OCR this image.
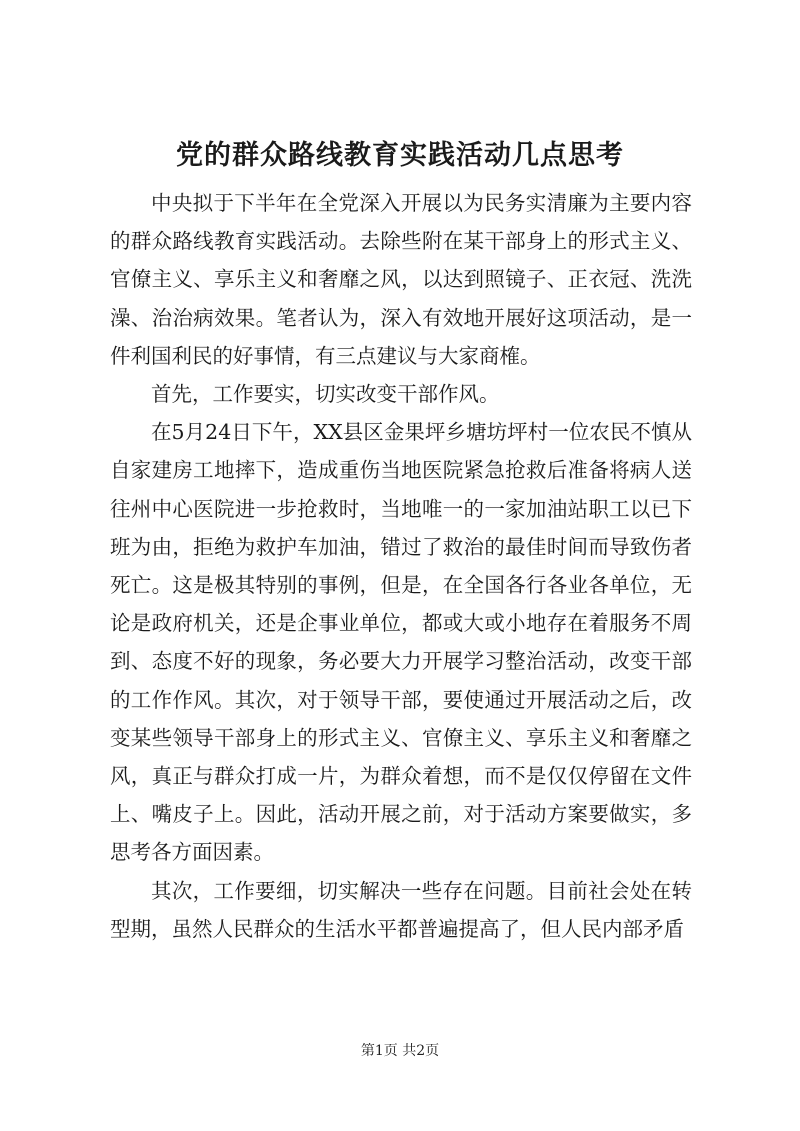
党的群众路线教育实践活动几点思考

中央拟于下半年在全党深入开展以为民务实清廉为主要内容的群众路线教育实践活动。去除些附在某干部身上的形式主义、官僚主义、享乐主义和奢靡之风，以达到照镜子、正衣冠、洗洗澡、治治病效果。笔者认为，深入有效地开展好这项活动，是一件利国利民的好事情，有三点建议与大家商榷。

首先，工作要实，切实改变干部作风。

在5月24日下午，XX县区金果坪乡塘坊坪村一位农民不慎从自家建房工地摔下，造成重伤当地医院紧急抢救后准备将病人送往州中心医院进一步抢救时，当地唯一的一家加油站职工以已下班为由，拒绝为救护车加油，错过了救治的最佳时间而导致伤者死亡。这是极其特别的事例，但是，在全国各行各业各单位，无论是政府机关，还是企事业单位，都或大或小地存在着服务不周到、态度不好的现象，务必要大力开展学习整治活动，改变干部的工作作风。其次，对于领导干部，要使通过开展活动之后，改变某些领导干部身上的形式主义、官僚主义、享乐主义和奢靡之风，真正与群众打成一片，为群众着想，而不是仅仅停留在文件上、嘴皮子上。因此，活动开展之前，对于活动方案要做实，多思考各方面因素。

其次，工作要细，切实解决一些存在问题。目前社会处在转型期，虽然人民群众的生活水平都普遍提高了，但人民内部矛盾

第1页 共2页
